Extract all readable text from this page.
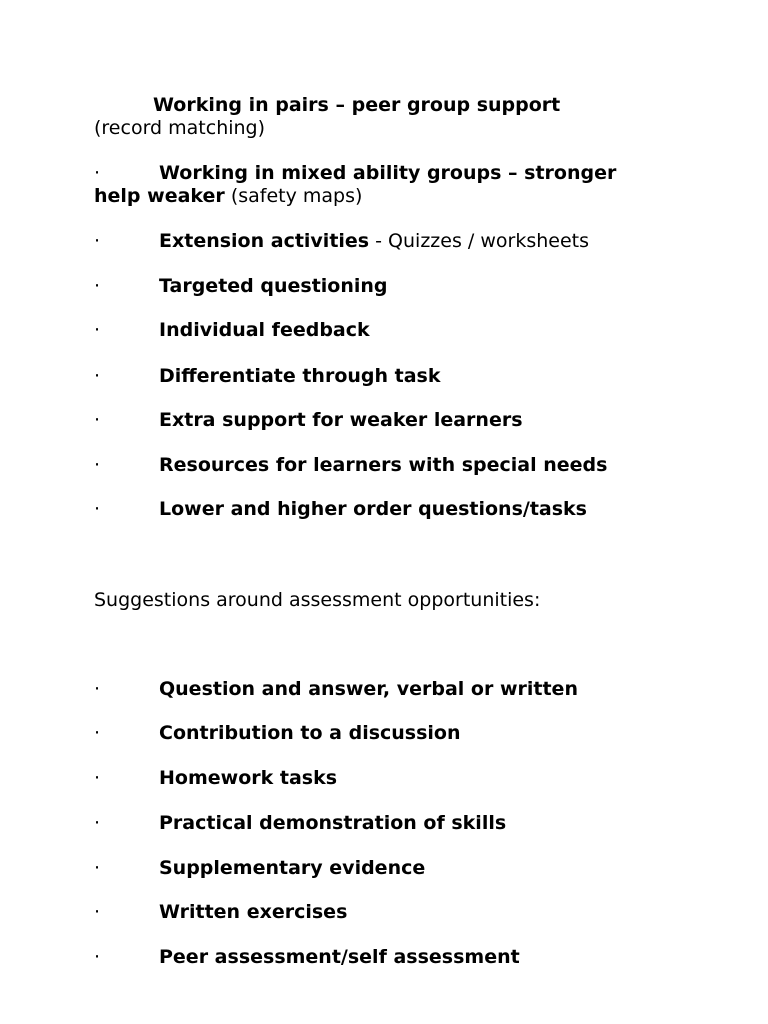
Working in pairs – peer group support
(record matching)
·	Working in mixed ability groups – stronger
help weaker (safety maps)
·	Extension activities - Quizzes / worksheets
·	Targeted questioning
·	Individual feedback
·	Differentiate through task
·	Extra support for weaker learners
·	Resources for learners with special needs
·	Lower and higher order questions/tasks
Suggestions around assessment opportunities:
·	Question and answer, verbal or written
·	Contribution to a discussion
·	Homework tasks
·	Practical demonstration of skills
·	Supplementary evidence
·	Written exercises
·	Peer assessment/self assessment
